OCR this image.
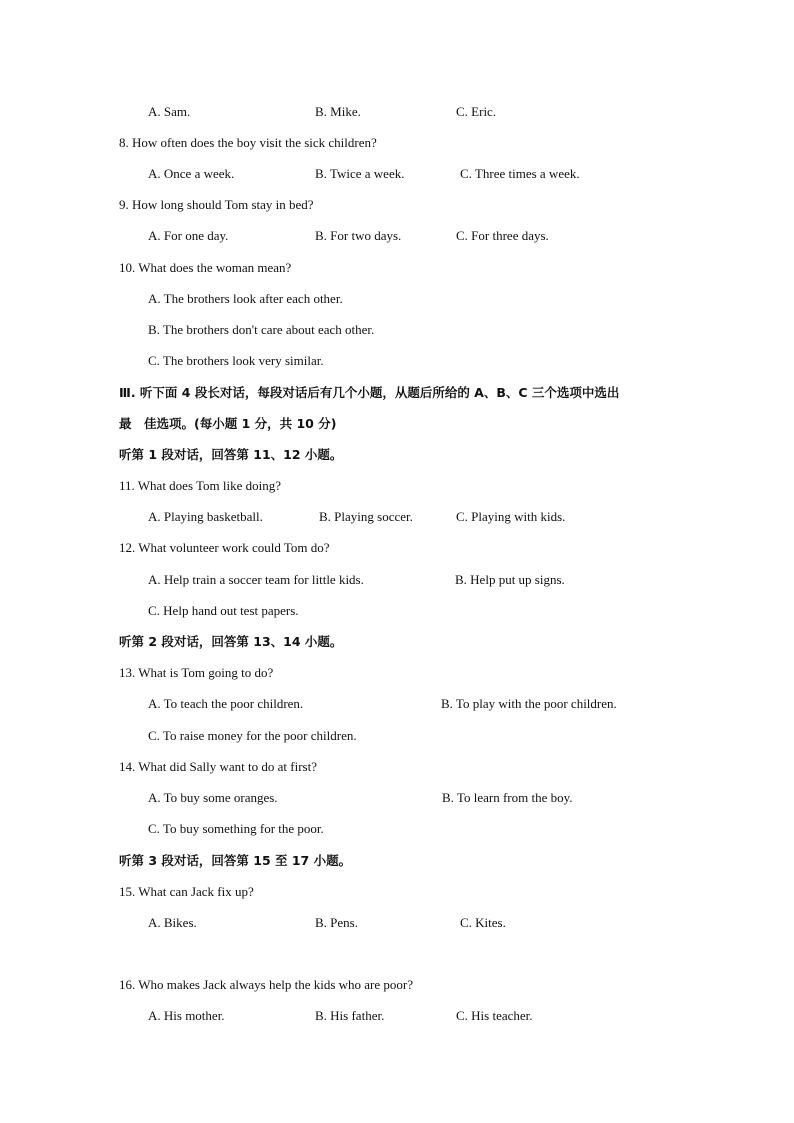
A. Sam.	B. Mike.	C. Eric.
8. How often does the boy visit the sick children?
A. Once a week.	B. Twice a week.	C. Three times a week.
9. How long should Tom stay in bed?
A. For one day.	B. For two days.	C. For three days.
10. What does the woman mean?
A. The brothers look after each other.
B. The brothers don't care about each other.
C. The brothers look very similar.
Ⅲ. 听下面 4 段长对话，每段对话后有几个小题，从题后所给的 A、B、C 三个选项中选出
最　佳选项。(每小题 1 分，共 10 分)
听第 1 段对话，回答第 11、12 小题。
11. What does Tom like doing?
A. Playing basketball.	B. Playing soccer.	C. Playing with kids.
12. What volunteer work could Tom do?
A. Help train a soccer team for little kids.	B. Help put up signs.
C. Help hand out test papers.
听第 2 段对话，回答第 13、14 小题。
13. What is Tom going to do?
A. To teach the poor children.	B. To play with the poor children.
C. To raise money for the poor children.
14. What did Sally want to do at first?
A. To buy some oranges.	B. To learn from the boy.
C. To buy something for the poor.
听第 3 段对话，回答第 15 至 17 小题。
15. What can Jack fix up?
A. Bikes.	B. Pens.	C. Kites.
16. Who makes Jack always help the kids who are poor?
A. His mother.	B. His father.	C. His teacher.
